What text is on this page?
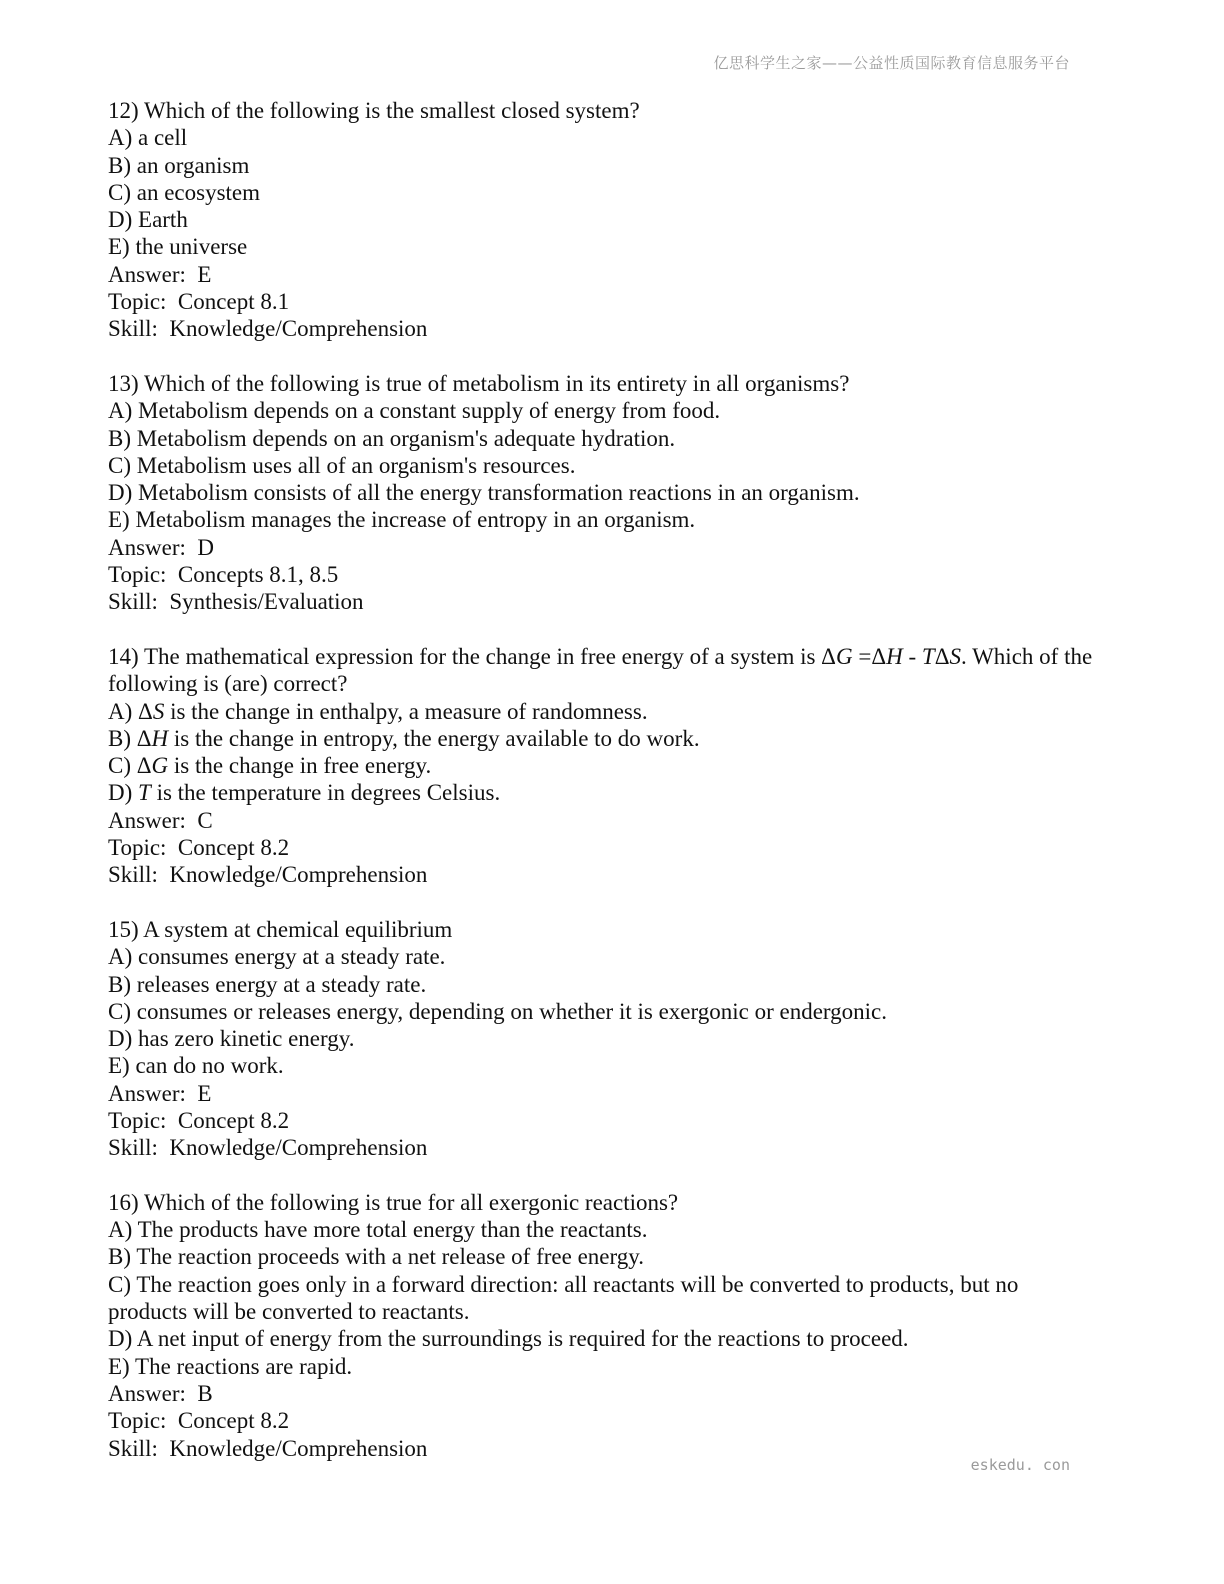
亿思科学生之家——公益性质国际教育信息服务平台
12) Which of the following is the smallest closed system?
A) a cell
B) an organism
C) an ecosystem
D) Earth
E) the universe
Answer:  E
Topic:  Concept 8.1
Skill:  Knowledge/Comprehension
13) Which of the following is true of metabolism in its entirety in all organisms?
A) Metabolism depends on a constant supply of energy from food.
B) Metabolism depends on an organism's adequate hydration.
C) Metabolism uses all of an organism's resources.
D) Metabolism consists of all the energy transformation reactions in an organism.
E) Metabolism manages the increase of entropy in an organism.
Answer:  D
Topic:  Concepts 8.1, 8.5
Skill:  Synthesis/Evaluation
14) The mathematical expression for the change in free energy of a system is ΔG =ΔH - TΔS. Which of the following is (are) correct?
A) ΔS is the change in enthalpy, a measure of randomness.
B) ΔH is the change in entropy, the energy available to do work.
C) ΔG is the change in free energy.
D) T is the temperature in degrees Celsius.
Answer:  C
Topic:  Concept 8.2
Skill:  Knowledge/Comprehension
15) A system at chemical equilibrium
A) consumes energy at a steady rate.
B) releases energy at a steady rate.
C) consumes or releases energy, depending on whether it is exergonic or endergonic.
D) has zero kinetic energy.
E) can do no work.
Answer:  E
Topic:  Concept 8.2
Skill:  Knowledge/Comprehension
16) Which of the following is true for all exergonic reactions?
A) The products have more total energy than the reactants.
B) The reaction proceeds with a net release of free energy.
C) The reaction goes only in a forward direction: all reactants will be converted to products, but no products will be converted to reactants.
D) A net input of energy from the surroundings is required for the reactions to proceed.
E) The reactions are rapid.
Answer:  B
Topic:  Concept 8.2
Skill:  Knowledge/Comprehension
eskedu. con
